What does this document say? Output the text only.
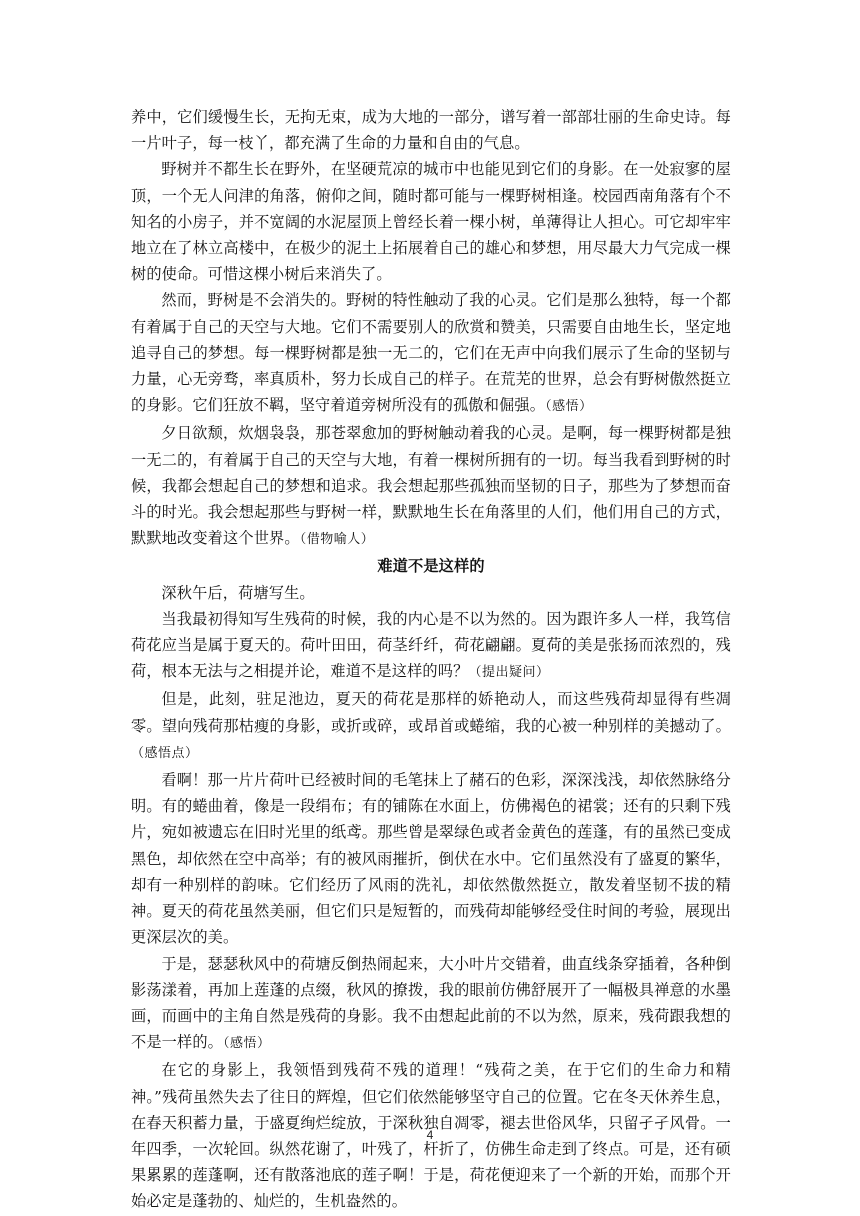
养中，它们缓慢生长，无拘无束，成为大地的一部分，谱写着一部部壮丽的生命史诗。每一片叶子，每一枝丫，都充满了生命的力量和自由的气息。

野树并不都生长在野外，在坚硬荒凉的城市中也能见到它们的身影。在一处寂寥的屋顶，一个无人问津的角落，俯仰之间，随时都可能与一棵野树相逢。校园西南角落有个不知名的小房子，并不宽阔的水泥屋顶上曾经长着一棵小树，单薄得让人担心。可它却牢牢地立在了林立高楼中，在极少的泥土上拓展着自己的雄心和梦想，用尽最大力气完成一棵树的使命。可惜这棵小树后来消失了。

然而，野树是不会消失的。野树的特性触动了我的心灵。它们是那么独特，每一个都有着属于自己的天空与大地。它们不需要别人的欣赏和赞美，只需要自由地生长，坚定地追寻自己的梦想。每一棵野树都是独一无二的，它们在无声中向我们展示了生命的坚韧与力量，心无旁骛，率真质朴，努力长成自己的样子。在荒芜的世界，总会有野树傲然挺立的身影。它们狂放不羁，坚守着道旁树所没有的孤傲和倔强。（感悟）

夕日欲颓，炊烟袅袅，那苍翠愈加的野树触动着我的心灵。是啊，每一棵野树都是独一无二的，有着属于自己的天空与大地，有着一棵树所拥有的一切。每当我看到野树的时候，我都会想起自己的梦想和追求。我会想起那些孤独而坚韧的日子，那些为了梦想而奋斗的时光。我会想起那些与野树一样，默默地生长在角落里的人们，他们用自己的方式，默默地改变着这个世界。（借物喻人）

难道不是这样的

深秋午后，荷塘写生。

当我最初得知写生残荷的时候，我的内心是不以为然的。因为跟许多人一样，我笃信荷花应当是属于夏天的。荷叶田田，荷茎纤纤，荷花翩翩。夏荷的美是张扬而浓烈的，残荷，根本无法与之相提并论，难道不是这样的吗？（提出疑问）

但是，此刻，驻足池边，夏天的荷花是那样的娇艳动人，而这些残荷却显得有些凋零。望向残荷那枯瘦的身影，或折或碎，或昂首或蜷缩，我的心被一种别样的美撼动了。（感悟点）

看啊！那一片片荷叶已经被时间的毛笔抹上了赭石的色彩，深深浅浅，却依然脉络分明。有的蜷曲着，像是一段绢布；有的铺陈在水面上，仿佛褐色的裙裳；还有的只剩下残片，宛如被遗忘在旧时光里的纸鸢。那些曾是翠绿色或者金黄色的莲蓬，有的虽然已变成黑色，却依然在空中高举；有的被风雨摧折，倒伏在水中。它们虽然没有了盛夏的繁华，却有一种别样的韵味。它们经历了风雨的洗礼，却依然傲然挺立，散发着坚韧不拔的精神。夏天的荷花虽然美丽，但它们只是短暂的，而残荷却能够经受住时间的考验，展现出更深层次的美。

于是，瑟瑟秋风中的荷塘反倒热闹起来，大小叶片交错着，曲直线条穿插着，各种倒影荡漾着，再加上莲蓬的点缀，秋风的撩拨，我的眼前仿佛舒展开了一幅极具禅意的水墨画，而画中的主角自然是残荷的身影。我不由想起此前的不以为然，原来，残荷跟我想的不是一样的。（感悟）

在它的身影上，我领悟到残荷不残的道理！“残荷之美，在于它们的生命力和精神。”残荷虽然失去了往日的辉煌，但它们依然能够坚守自己的位置。它在冬天休养生息，在春天积蓄力量，于盛夏绚烂绽放，于深秋独自凋零，褪去世俗风华，只留孑孑风骨。一年四季，一次轮回。纵然花谢了，叶残了，杆折了，仿佛生命走到了终点。可是，还有硕果累累的莲蓬啊，还有散落池底的莲子啊！于是，荷花便迎来了一个新的开始，而那个开始必定是蓬勃的、灿烂的，生机盎然的。

4
